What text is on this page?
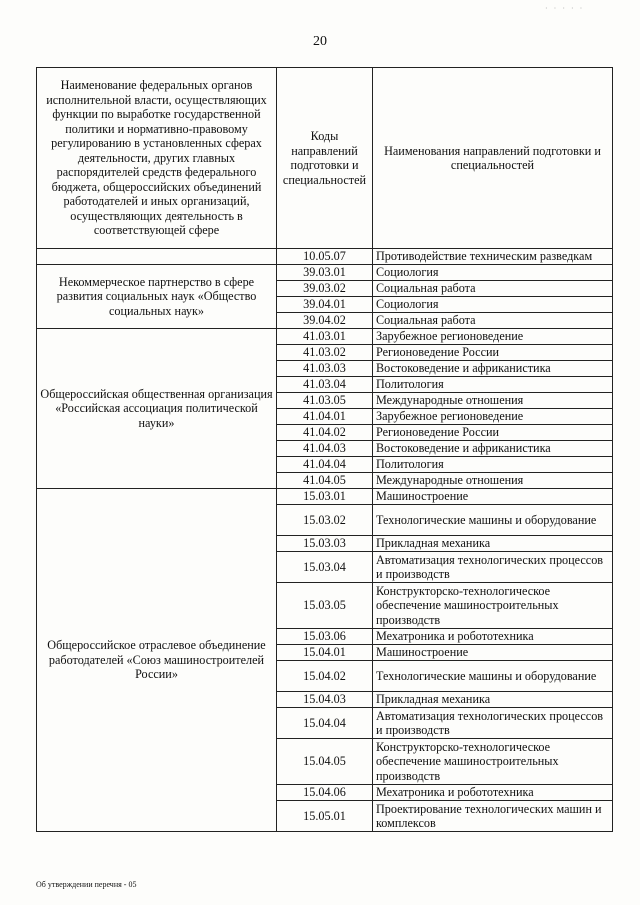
· · · · ·
20
Наименование федеральных органов исполнительной власти, осуществляющих функции по выработке государственной политики и нормативно-правовому регулированию в установленных сферах деятельности, других главных распорядителей средств федерального бюджета, общероссийских объединений работодателей и иных организаций, осуществляющих деятельность в соответствующей сфере	Коды направлений подготовки и специальностей	Наименования направлений подготовки и специальностей
	10.05.07	Противодействие техническим разведкам
Некоммерческое партнерство в сфере развития социальных наук «Общество социальных наук»	39.03.01	Социология
	39.03.02	Социальная работа
	39.04.01	Социология
	39.04.02	Социальная работа
Общероссийская общественная организация «Российская ассоциация политической науки»	41.03.01	Зарубежное регионоведение
	41.03.02	Регионоведение России
	41.03.03	Востоковедение и африканистика
	41.03.04	Политология
	41.03.05	Международные отношения
	41.04.01	Зарубежное регионоведение
	41.04.02	Регионоведение России
	41.04.03	Востоковедение и африканистика
	41.04.04	Политология
	41.04.05	Международные отношения
Общероссийское отраслевое объединение работодателей «Союз машиностроителей России»	15.03.01	Машиностроение
	15.03.02	Технологические машины и оборудование
	15.03.03	Прикладная механика
	15.03.04	Автоматизация технологических процессов и производств
	15.03.05	Конструкторско-технологическое обеспечение машиностроительных производств
	15.03.06	Мехатроника и робототехника
	15.04.01	Машиностроение
	15.04.02	Технологические машины и оборудование
	15.04.03	Прикладная механика
	15.04.04	Автоматизация технологических процессов и производств
	15.04.05	Конструкторско-технологическое обеспечение машиностроительных производств
	15.04.06	Мехатроника и робототехника
	15.05.01	Проектирование технологических машин и комплексов
Об утверждении перечня - 05
